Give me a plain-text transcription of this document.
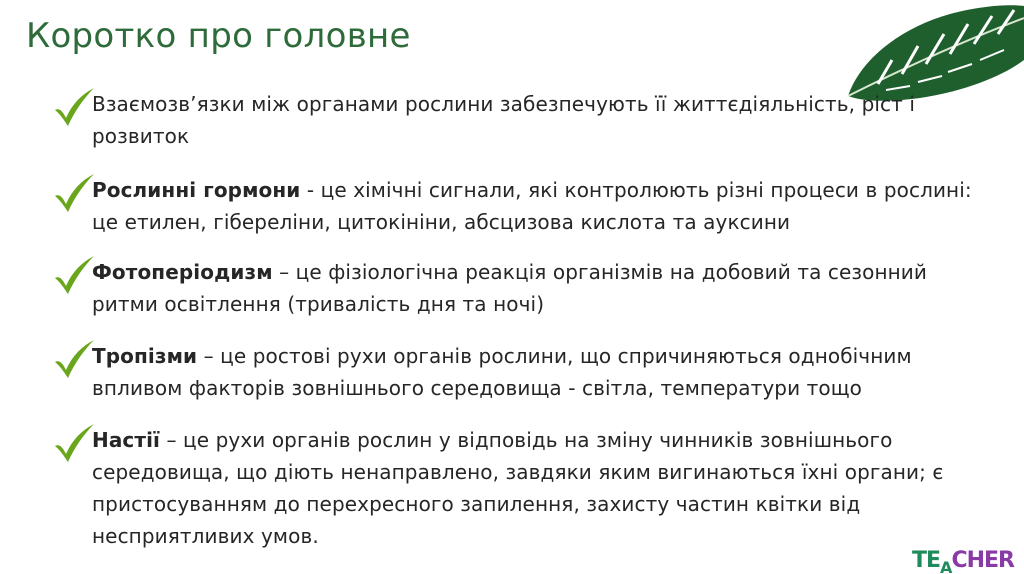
Коротко про головне
Взаємозв’язки між органами рослини забезпечують її життєдіяльність, ріст і розвиток
Рослинні гормони - це хімічні сигнали, які контролюють різні процеси в рослині: це етилен, гібереліни, цитокініни, абсцизова кислота та ауксини
Фотоперіодизм – це фізіологічна реакція організмів на добовий та сезонний ритми освітлення (тривалість дня та ночі)
Тропізми – це ростові рухи органів рослини, що спричиняються однобічним впливом факторів зовнішнього середовища - світла, температури тощо
Настії – це рухи органів рослин у відповідь на зміну чинників зовнішнього середовища, що діють ненаправлено, завдяки яким вигинаються їхні органи; є пристосуванням до перехресного запилення, захисту частин квітки від несприятливих умов.
$TE_ACHER$
